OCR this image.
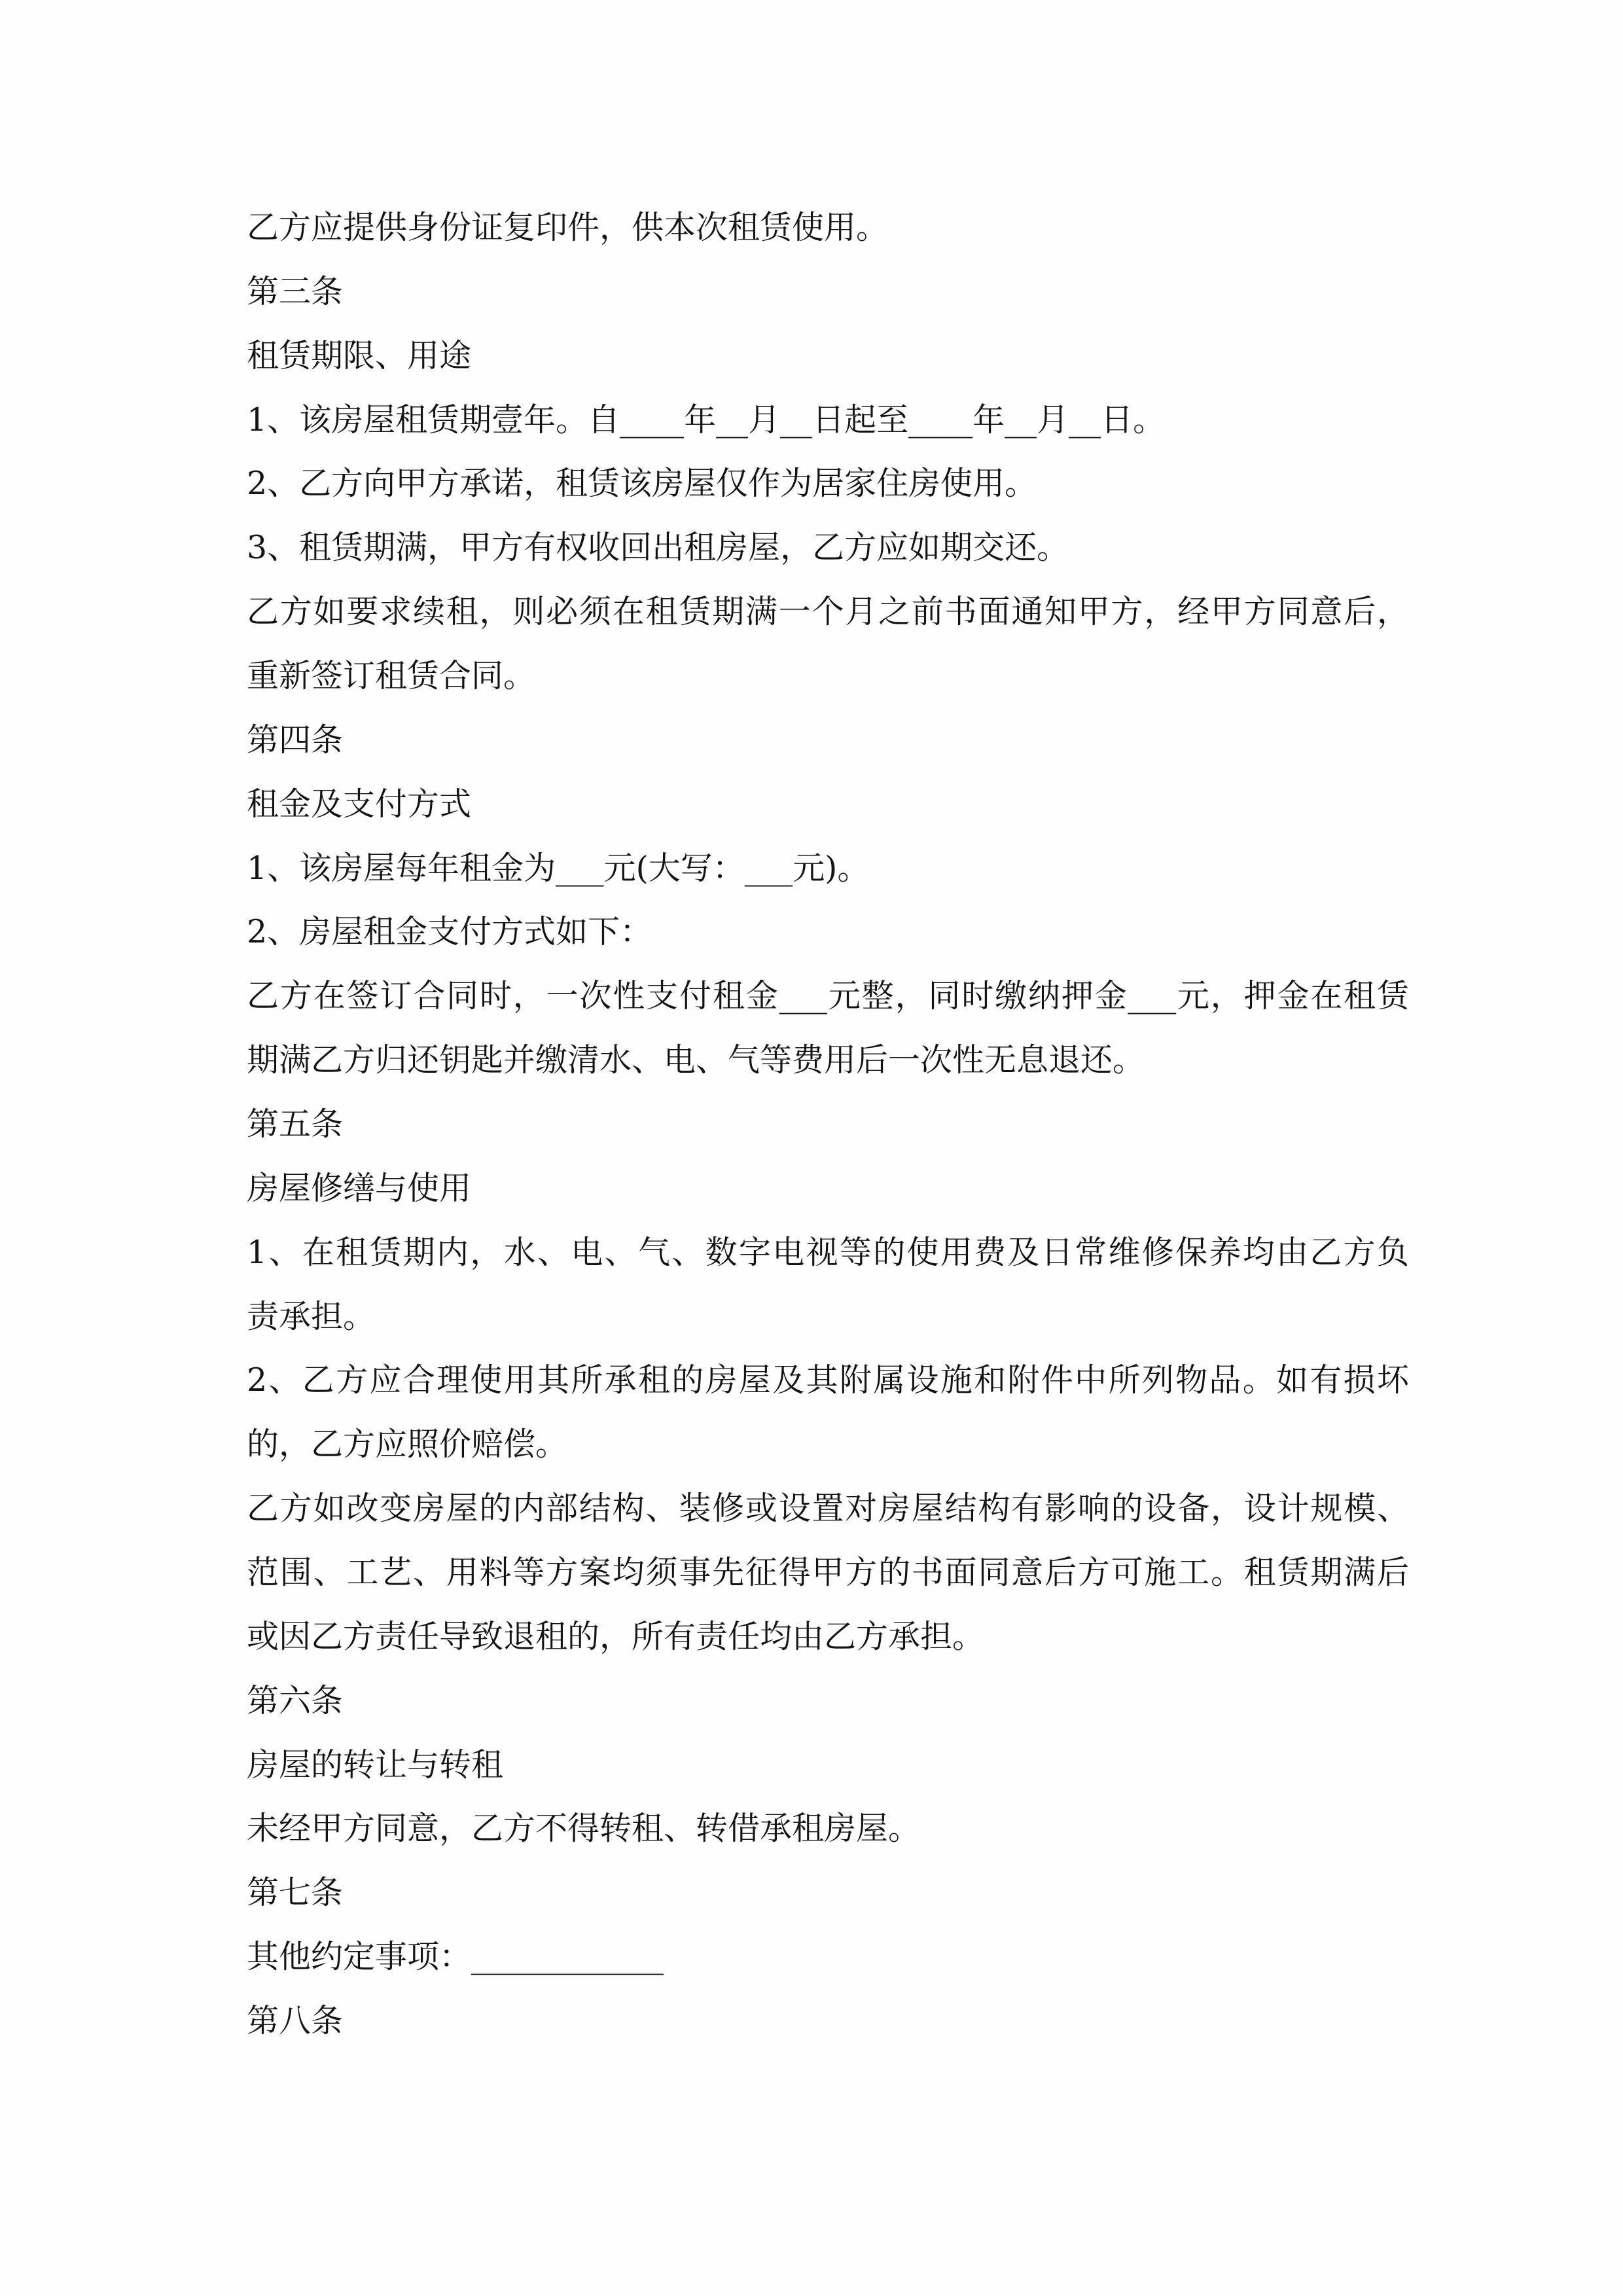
乙方应提供身份证复印件，供本次租赁使用。
第三条
租赁期限、用途
1、该房屋租赁期壹年。自____年__月__日起至____年__月__日。
2、乙方向甲方承诺，租赁该房屋仅作为居家住房使用。
3、租赁期满，甲方有权收回出租房屋，乙方应如期交还。
乙方如要求续租，则必须在租赁期满一个月之前书面通知甲方，经甲方同意后，
重新签订租赁合同。
第四条
租金及支付方式
1、该房屋每年租金为___元(大写：___元)。
2、房屋租金支付方式如下：
乙方在签订合同时，一次性支付租金___元整，同时缴纳押金___元，押金在租赁
期满乙方归还钥匙并缴清水、电、气等费用后一次性无息退还。
第五条
房屋修缮与使用
1、在租赁期内，水、电、气、数字电视等的使用费及日常维修保养均由乙方负
责承担。
2、乙方应合理使用其所承租的房屋及其附属设施和附件中所列物品。如有损坏
的，乙方应照价赔偿。
乙方如改变房屋的内部结构、装修或设置对房屋结构有影响的设备，设计规模、
范围、工艺、用料等方案均须事先征得甲方的书面同意后方可施工。租赁期满后
或因乙方责任导致退租的，所有责任均由乙方承担。
第六条
房屋的转让与转租
未经甲方同意，乙方不得转租、转借承租房屋。
第七条
其他约定事项：____________
第八条
